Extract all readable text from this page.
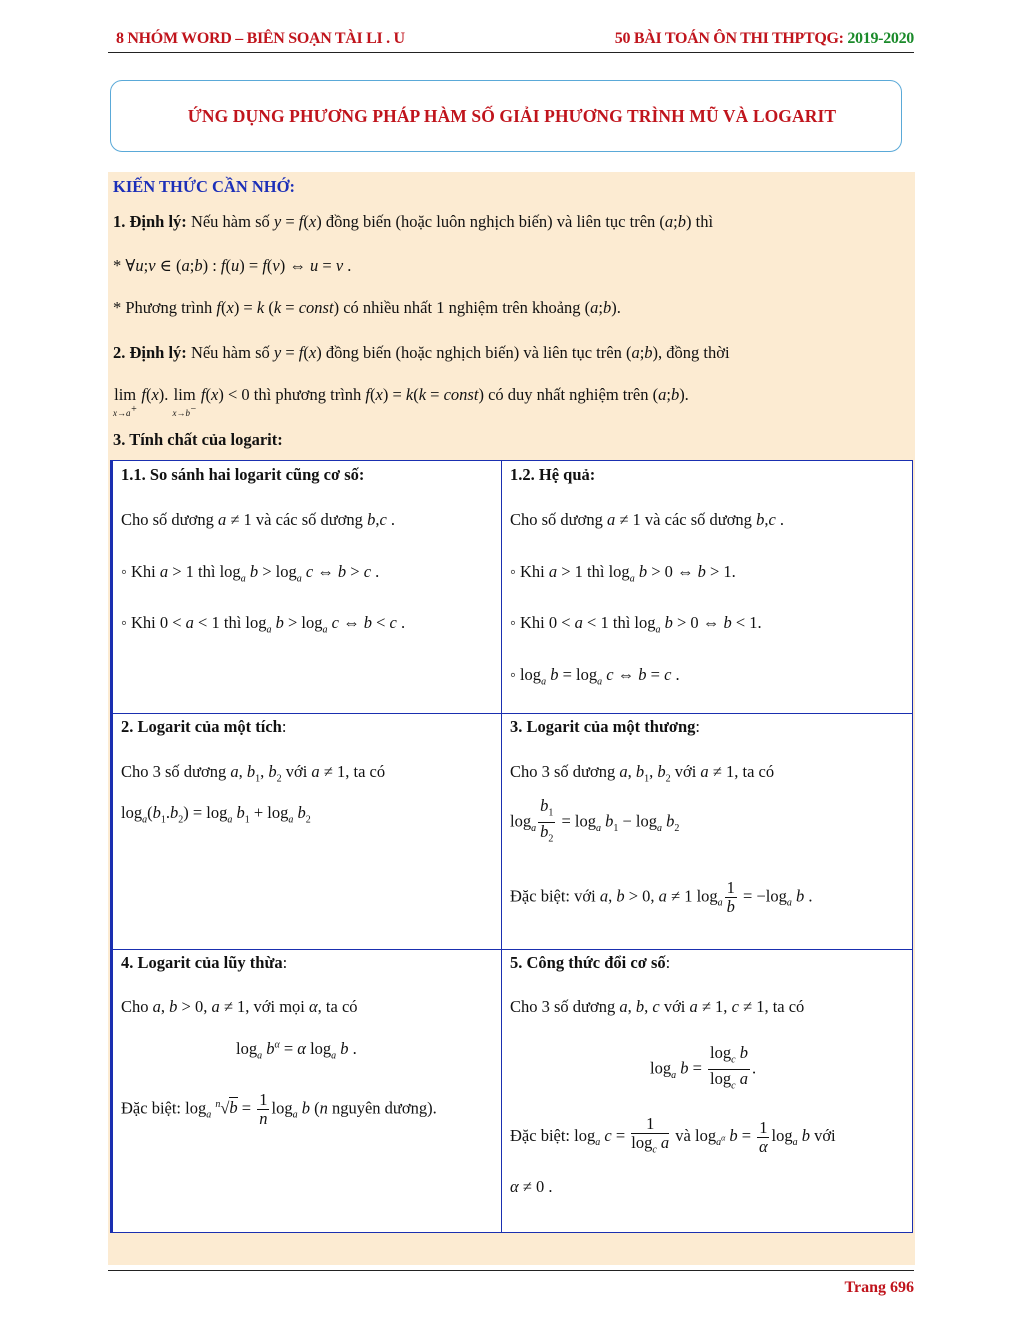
8 NHÓM WORD – BIÊN SOẠN TÀI LI . U	50 BÀI TOÁN ÔN THI THPTQG: 2019-2020
ỨNG DỤNG PHƯƠNG PHÁP HÀM SỐ GIẢI PHƯƠNG TRÌNH MŨ VÀ LOGARIT
KIẾN THỨC CẦN NHỚ:
1. Định lý: Nếu hàm số y = f(x) đồng biến (hoặc luôn nghịch biến) và liên tục trên (a;b) thì
* ∀u;v ∈ (a;b) : f(u) = f(v) ⇔ u = v .
* Phương trình f(x) = k (k = const) có nhiều nhất 1 nghiệm trên khoảng (a;b).
2. Định lý: Nếu hàm số y = f(x) đồng biến (hoặc nghịch biến) và liên tục trên (a;b), đồng thời
lim
$^{x\to a^+}$ f(x). lim
$^{x\to b^-}$ f(x) < 0 thì phương trình f(x) = k(k = const) có duy nhất nghiệm trên (a;b).
3. Tính chất của logarit:
1.1. So sánh hai logarit cũng cơ số:
Cho số dương a ≠ 1 và các số dương b,c .
◦ Khi a > 1 thì $\log_a b > \log_a c$ ⇔ b > c .
◦ Khi 0 < a < 1 thì $\log_a b > \log_a c$ ⇔ b < c .
1.2. Hệ quả:
Cho số dương a ≠ 1 và các số dương b,c .
◦ Khi a > 1 thì $\log_a b > 0$ ⇔ b > 1.
◦ Khi 0 < a < 1 thì $\log_a b > 0$ ⇔ b < 1.
◦ $\log_a b = \log_a c$ ⇔ b = c .
2. Logarit của một tích:
Cho 3 số dương a, $b_1$, $b_2$ với a ≠ 1, ta có
$\log_a(b_1.b_2) = \log_a b_1 + \log_a b_2$
3. Logarit của một thương:
Cho 3 số dương a, $b_1$, $b_2$ với a ≠ 1, ta có
$\log_a \frac{b_1}{b_2} = \log_a b_1 - \log_a b_2$
Đặc biệt: với a, b > 0, a ≠ 1 $\log_a \frac{1}{b} = -\log_a$ b .
4. Logarit của lũy thừa:
Cho a, b > 0, a ≠ 1, với mọi α, ta có
$\log_a b^\alpha = \alpha$ $\log_a b$ .
Đặc biệt: $\log_a ^n√b = \frac{1}{n} \log_a b$ (n nguyên dương).
5. Công thức đổi cơ số:
Cho 3 số dương a, b, c với a ≠ 1, c ≠ 1, ta có
$\log_a b = \frac{\log_c b}{\log_c a}$ .
Đặc biệt: $\log_a c = \frac{1}{\log_c a}$ và $\log_{a^\alpha} b = \frac{1}{\alpha} \log_a b$ với
α ≠ 0 .
Trang 696
